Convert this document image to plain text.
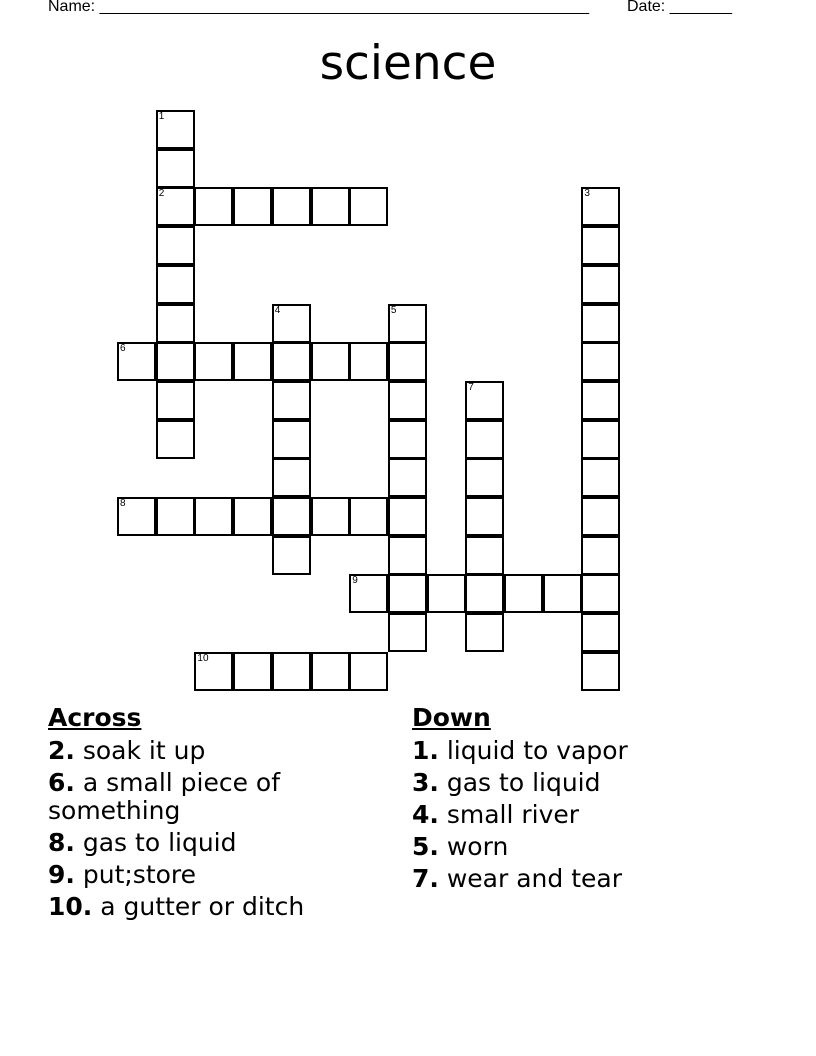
Name: _______________________________________________________ Date: _______
science
1
2	3
4	5
6
7
8
9
10
Across
2. soak it up
6. a small piece of something
8. gas to liquid
9. put;store
10. a gutter or ditch
Down
1. liquid to vapor
3. gas to liquid
4. small river
5. worn
7. wear and tear
